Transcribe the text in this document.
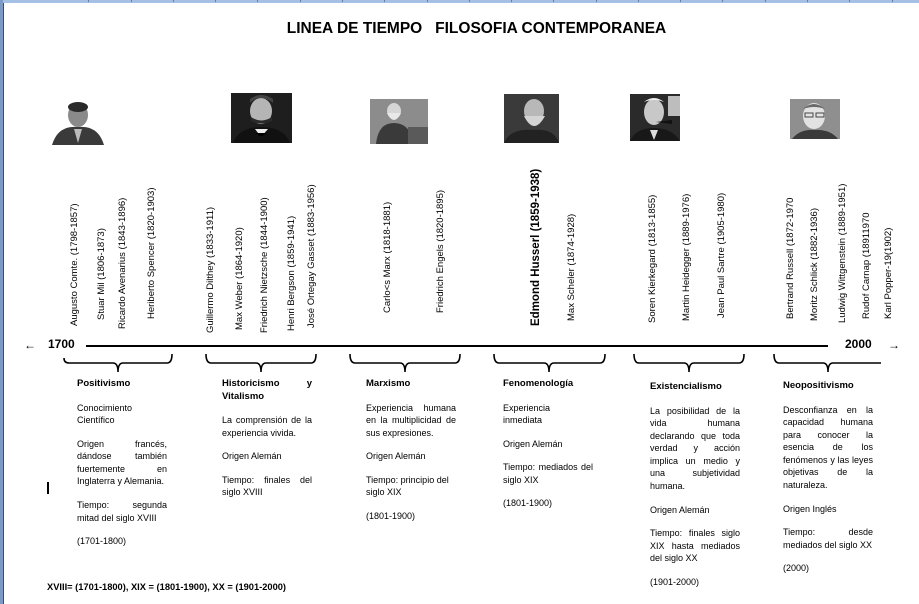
LINEA DE TIEMPO   FILOSOFIA CONTEMPORANEA
Augusto Comte. (1798-1857) Stuar Mil (1806-1873) Ricardo Avenarius (1843-1896) Heriberto Spencer (1820-1903)	Guillermo Dilthey (1833-1911) Max Weber (1864-1920) Friedrich Nietzsche (1844-1900) Henri Bergson (1859-1941) José Ortegay Gasset (1883-1956)	Carlo<s Marx (1818-1881)	Friedrich Engels (1820-1895)	Edmond Husserl (1859-1938)	Max Scheler (1874-1928)	Soren Kierkegard (1813-1855) Martin Heidegger (1889-1976)	Jean Paul Sartre (1905-1980)	Bertrand Russell (1872-1970 Moritz Schlick (1882-1936) Ludwig Wittgenstein (1889-1951) Rudof Carnap (18911970 Karl Popper-19(1902)
← 1700	2000 →
Positivismo

Conocimiento Científico

Origen francés, dándose también fuertemente en Inglaterra y Alemania.

Tiempo: segunda mitad del siglo XVIII

(1701-1800)

Historicismo y Vitalismo

La comprensión de la experiencia vivida.

Origen Alemán

Tiempo: finales del siglo XVIII

Marxismo

Experiencia humana en la multiplicidad de sus expresiones.

Origen Alemán

Tiempo: principio del siglo XIX

(1801-1900)

Fenomenología

Experiencia inmediata

Origen Alemán

Tiempo: mediados del siglo XIX

(1801-1900)

Existencialismo

La posibilidad de la vida humana declarando que toda verdad y acción implica un medio y una subjetividad humana.

Origen Alemán

Tiempo: finales siglo XIX hasta mediados del siglo XX

(1901-2000)

Neopositivismo

Desconfianza en la capacidad humana para conocer la esencia de los fenómenos y las leyes objetivas de la naturaleza.

Origen Inglés

Tiempo: desde mediados del siglo XX

(2000)

XVIII= (1701-1800), XIX = (1801-1900), XX = (1901-2000)
